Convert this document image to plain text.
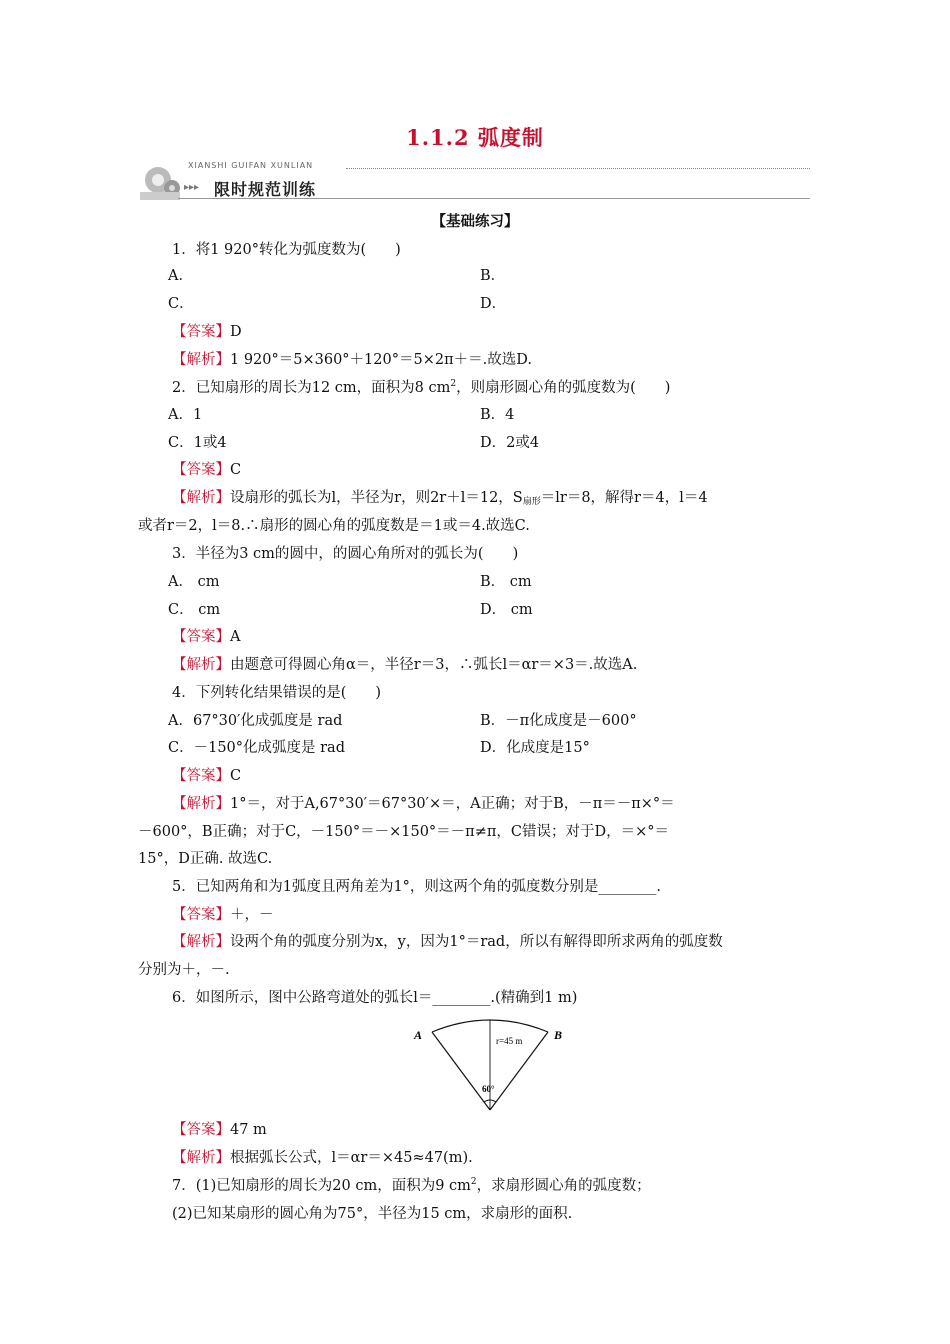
1.1.2 弧度制
XIANSHI GUIFAN XUNLIAN
▸▸▸ 限时规范训练
【基础练习】
1．将1 920°转化为弧度数为(　　)
A．	B．
C．	D．
【答案】D
【解析】1 920°＝5×360°＋120°＝5×2π＋＝.故选D.
2．已知扇形的周长为12 cm，面积为8 $cm^2$，则扇形圆心角的弧度数为(　　)
A．1	B．4
C．1或4	D．2或4
【答案】C
【解析】设扇形的弧长为l，半径为r，则2r＋l＝12，$S_{扇形}=lr=8$，解得r＝4，l＝4
或者r＝2，l＝8.∴扇形的圆心角的弧度数是＝1或＝4.故选C.
3．半径为3 cm的圆中，的圆心角所对的弧长为(　　)
A． cm	B． cm
C． cm	D． cm
【答案】A
【解析】由题意可得圆心角α＝，半径r＝3，∴弧长l＝αr＝×3＝.故选A.
4．下列转化结果错误的是(　　)
A．67°30′化成弧度是 rad	B．－π化成度是－600°
C．－150°化成弧度是 rad	D．化成度是15°
【答案】C
【解析】1°＝，对于A,67°30′＝67°30′×＝，A正确；对于B，－π＝－π×°＝
－600°，B正确；对于C，－150°＝－×150°＝－π≠π，C错误；对于D，＝×°＝
15°，D正确. 故选C.
5．已知两角和为1弧度且两角差为1°，则这两个角的弧度数分别是________.
【答案】＋，－
【解析】设两个角的弧度分别为x，y，因为1°＝rad，所以有解得即所求两角的弧度数
分别为＋，－.
6．如图所示，图中公路弯道处的弧长l＝________.(精确到1 m)
A	B
r=45 m
60°
【答案】47 m
【解析】根据弧长公式，l＝αr＝×45≈47(m).
7．(1)已知扇形的周长为20 cm，面积为9 $cm^2$，求扇形圆心角的弧度数；
(2)已知某扇形的圆心角为75°，半径为15 cm，求扇形的面积.
